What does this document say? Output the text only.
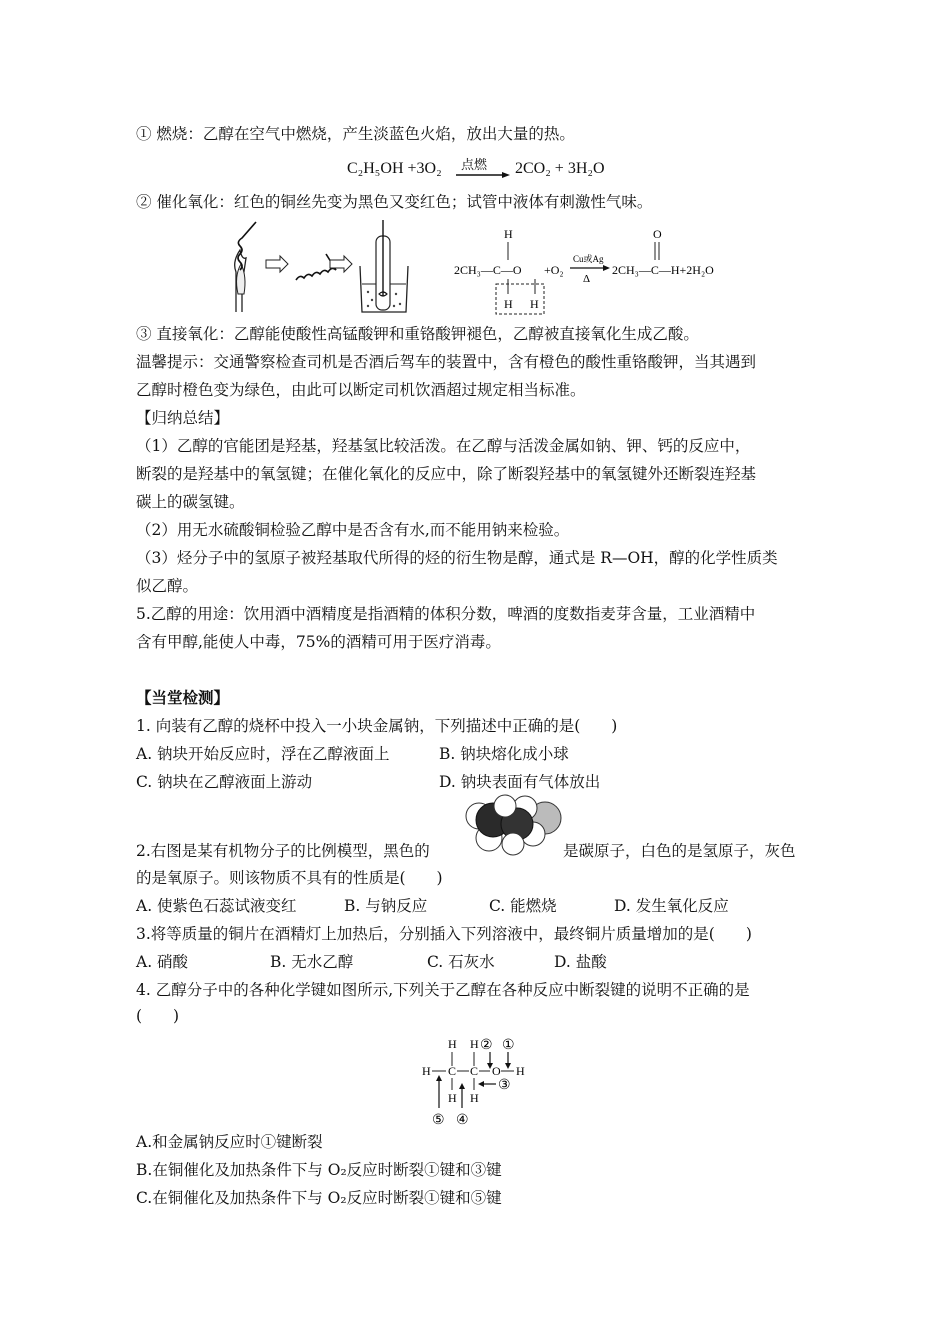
① 燃烧：乙醇在空气中燃烧，产生淡蓝色火焰，放出大量的热。
C₂H₅OH +3O₂ 点燃 → 2CO₂ + 3H₂O
② 催化氧化：红色的铜丝先变为黑色又变红色；试管中液体有刺激性气味。
H
2CH₃—C—O
H H
+O₂
Cu或Ag
Δ
O
2CH₃—C—H+2H₂O
③ 直接氧化：乙醇能使酸性高锰酸钾和重铬酸钾褪色，乙醇被直接氧化生成乙酸。
温馨提示：交通警察检查司机是否酒后驾车的装置中，含有橙色的酸性重铬酸钾，当其遇到
乙醇时橙色变为绿色，由此可以断定司机饮酒超过规定相当标准。
【归纳总结】
（1）乙醇的官能团是羟基，羟基氢比较活泼。在乙醇与活泼金属如钠、钾、钙的反应中，
断裂的是羟基中的氧氢键；在催化氧化的反应中，除了断裂羟基中的氧氢键外还断裂连羟基
碳上的碳氢键。
（2）用无水硫酸铜检验乙醇中是否含有水,而不能用钠来检验。
（3）烃分子中的氢原子被羟基取代所得的烃的衍生物是醇，通式是 R—OH，醇的化学性质类
似乙醇。
5.乙醇的用途：饮用酒中酒精度是指酒精的体积分数，啤酒的度数指麦芽含量，工业酒精中
含有甲醇,能使人中毒，75%的酒精可用于医疗消毒。
【当堂检测】
1. 向装有乙醇的烧杯中投入一小块金属钠，下列描述中正确的是(　　)
A. 钠块开始反应时，浮在乙醇液面上	B. 钠块熔化成小球
C. 钠块在乙醇液面上游动	D. 钠块表面有气体放出
2.右图是某有机物分子的比例模型，黑色的	是碳原子，白色的是氢原子，灰色
的是氧原子。则该物质不具有的性质是(　　)
A. 使紫色石蕊试液变红	B. 与钠反应	C. 能燃烧	D. 发生氧化反应
3.将等质量的铜片在酒精灯上加热后，分别插入下列溶液中，最终铜片质量增加的是(　　)
A. 硝酸	B. 无水乙醇	C. 石灰水	D. 盐酸
4. 乙醇分子中的各种化学键如图所示,下列关于乙醇在各种反应中断裂键的说明不正确的是
(　　)
H H ② ①
H C C O H
H H
③
⑤ ④
A.和金属钠反应时①键断裂
B.在铜催化及加热条件下与 O₂反应时断裂①键和③键
C.在铜催化及加热条件下与 O₂反应时断裂①键和⑤键
